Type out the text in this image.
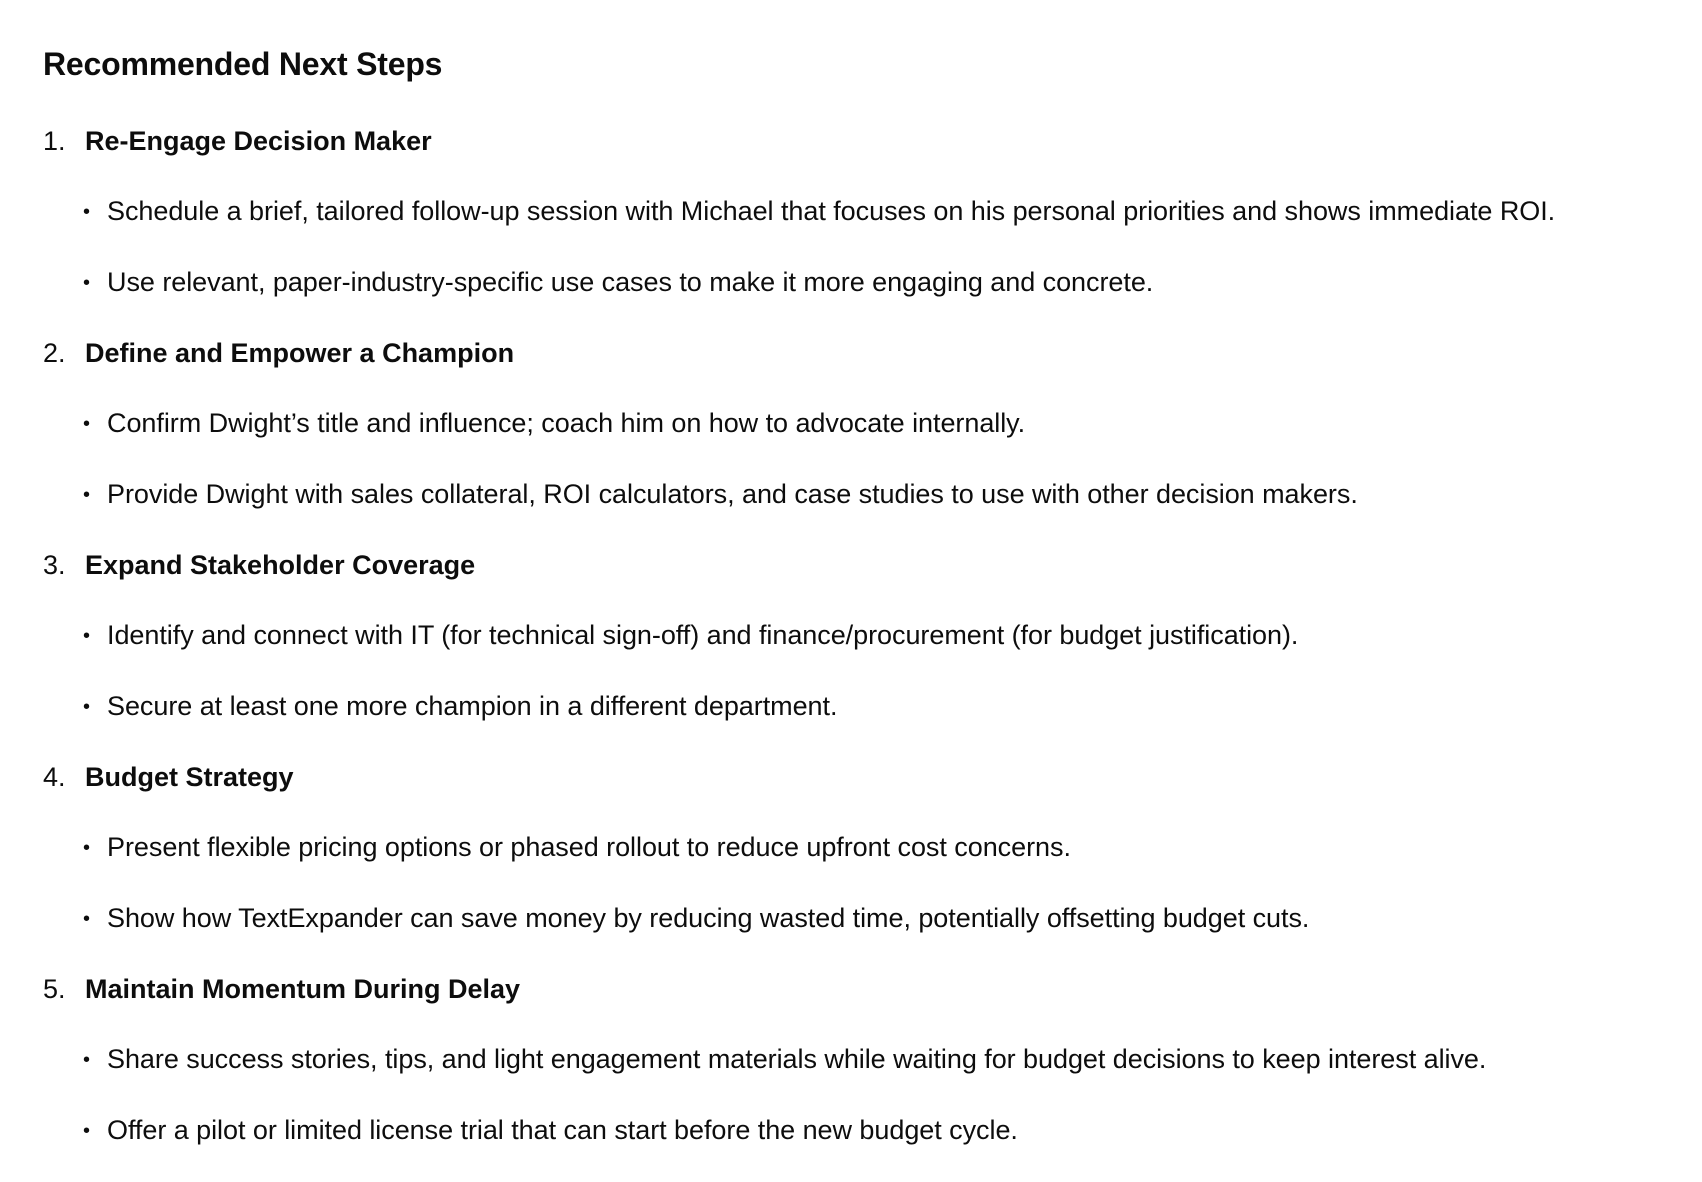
Recommended Next Steps
1. Re-Engage Decision Maker
• Schedule a brief, tailored follow-up session with Michael that focuses on his personal priorities and shows immediate ROI.
• Use relevant, paper-industry-specific use cases to make it more engaging and concrete.
2. Define and Empower a Champion
• Confirm Dwight’s title and influence; coach him on how to advocate internally.
• Provide Dwight with sales collateral, ROI calculators, and case studies to use with other decision makers.
3. Expand Stakeholder Coverage
• Identify and connect with IT (for technical sign-off) and finance/procurement (for budget justification).
• Secure at least one more champion in a different department.
4. Budget Strategy
• Present flexible pricing options or phased rollout to reduce upfront cost concerns.
• Show how TextExpander can save money by reducing wasted time, potentially offsetting budget cuts.
5. Maintain Momentum During Delay
• Share success stories, tips, and light engagement materials while waiting for budget decisions to keep interest alive.
• Offer a pilot or limited license trial that can start before the new budget cycle.
